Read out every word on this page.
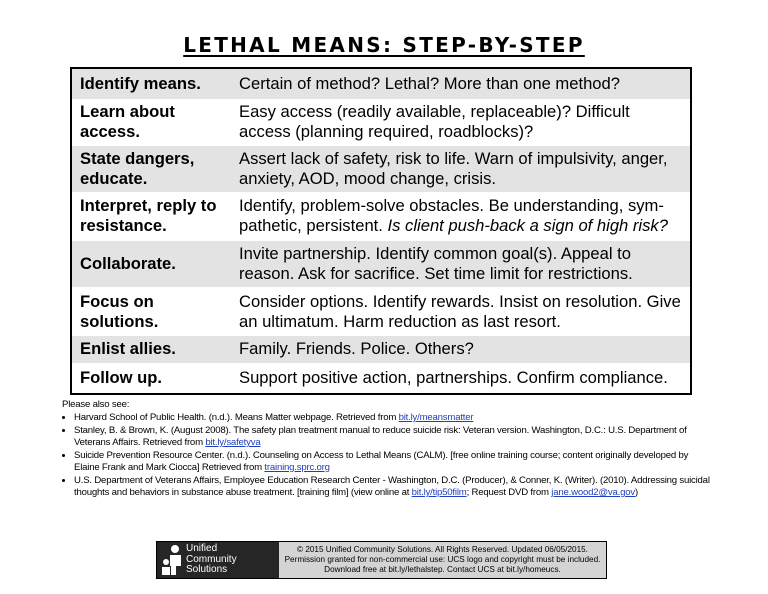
LETHAL MEANS: STEP-BY-STEP
Identify means.	Certain of method? Lethal? More than one method?
Learn about access.	Easy access (readily available, replaceable)? Difficult access (planning required, roadblocks)?
State dangers, educate.	Assert lack of safety, risk to life. Warn of impulsivity, anger, anxiety, AOD, mood change, crisis.
Interpret, reply to resistance.	Identify, problem-solve obstacles. Be understanding, sym-pathetic, persistent. Is client push-back a sign of high risk?
Collaborate.	Invite partnership. Identify common goal(s). Appeal to reason. Ask for sacrifice. Set time limit for restrictions.
Focus on solutions.	Consider options. Identify rewards. Insist on resolution. Give an ultimatum. Harm reduction as last resort.
Enlist allies.	Family. Friends. Police. Others?
Follow up.	Support positive action, partnerships. Confirm compliance.
Please also see:
• Harvard School of Public Health. (n.d.). Means Matter webpage. Retrieved from bit.ly/meansmatter
• Stanley, B. & Brown, K. (August 2008). The safety plan treatment manual to reduce suicide risk: Veteran version. Washington, D.C.: U.S. Department of Veterans Affairs. Retrieved from bit.ly/safetyva
• Suicide Prevention Resource Center. (n.d.). Counseling on Access to Lethal Means (CALM). [free online training course; content originally developed by Elaine Frank and Mark Ciocca] Retrieved from training.sprc.org
• U.S. Department of Veterans Affairs, Employee Education Research Center - Washington, D.C. (Producer), & Conner, K. (Writer). (2010). Addressing suicidal thoughts and behaviors in substance abuse treatment. [training film] (view online at bit.ly/tip50film; Request DVD from jane.wood2@va.gov)
Unified
Community
Solutions
© 2015 Unified Community Solutions. All Rights Reserved. Updated 06/05/2015.
Permission granted for non-commercial use: UCS logo and copyright must be included.
Download free at bit.ly/lethalstep. Contact UCS at bit.ly/homeucs.
